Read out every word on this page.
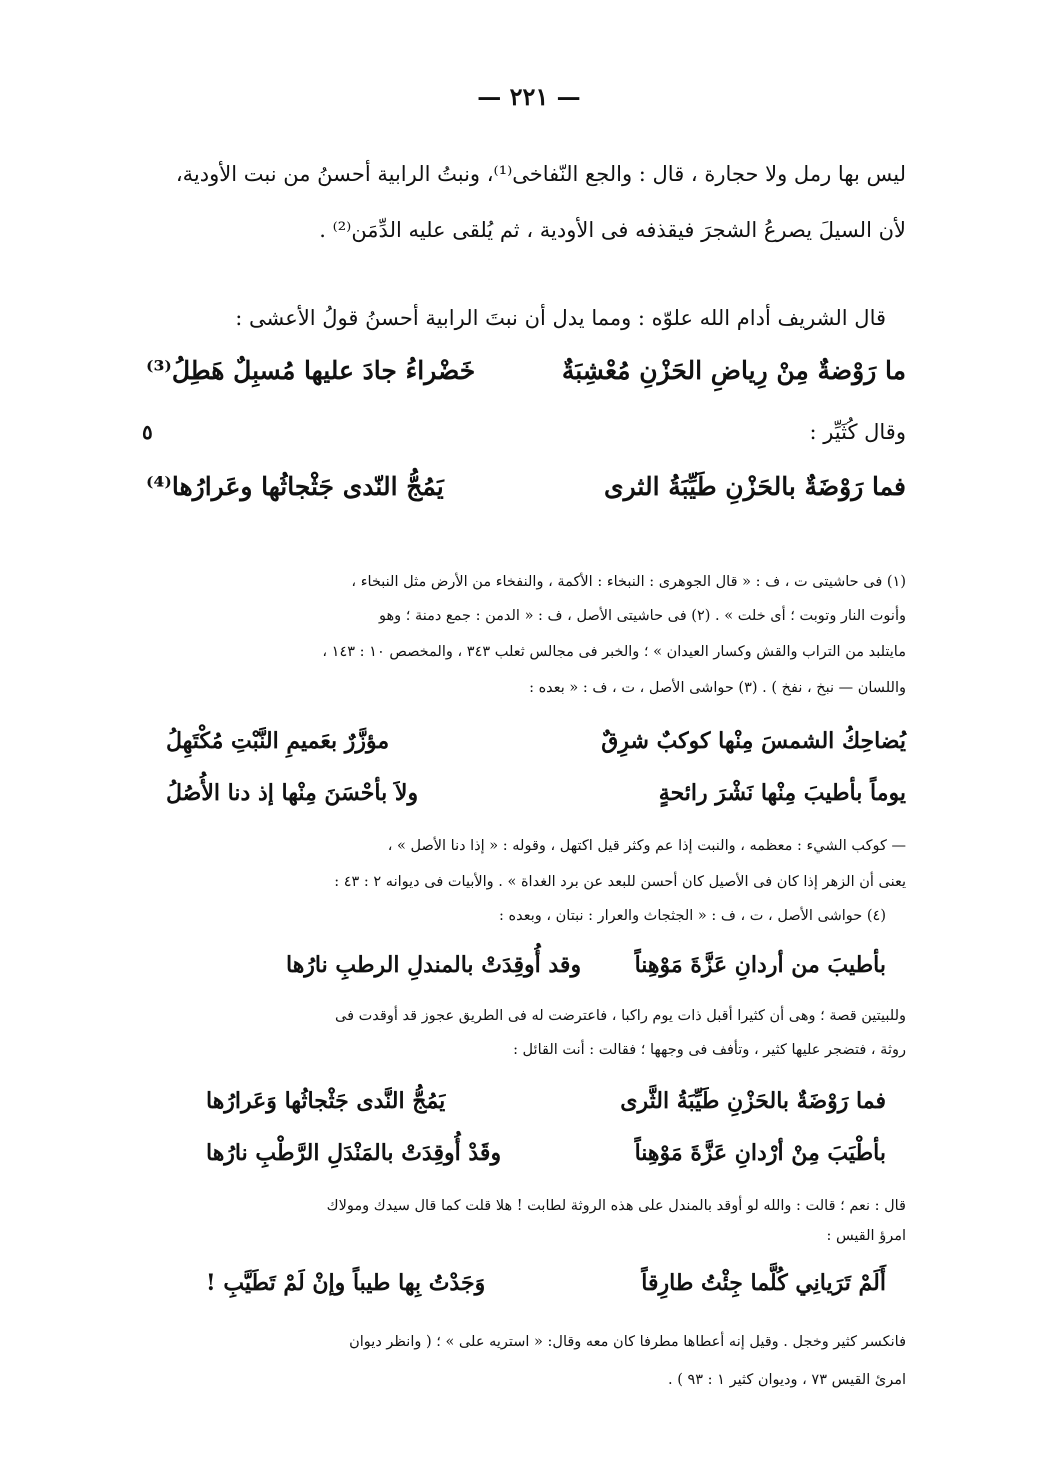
— ٢٢١ —
ليس بها رمل ولا حجارة ، قال : والجع النّفاخى⁽¹⁾، ونبتُ الرابية أحسنُ من نبت الأودية،
لأن السيلَ يصرعُ الشجرَ فيقذفه فى الأودية ، ثم يُلقى عليه الدِّمَن⁽²⁾ .
قال الشريف أدام الله علوّه : ومما يدل أن نبتَ الرابية أحسنُ قولُ الأعشى :
ما رَوْضةٌ مِنْ رِياضِ الحَزْنِ مُعْشِبَةٌ
خَضْراءُ جادَ عليها مُسبِلٌ هَطِلُ⁽³⁾
وقال كُثَيِّر :
٥
فما رَوْضَةٌ بالحَزْنِ طَيِّبَةُ الثرى
يَمُجُّ النّدى جَثْجاثُها وعَرارُها⁽⁴⁾
(١) فى حاشيتى ت ، ف : « قال الجوهرى : النبخاء : الأكمة ، والنفخاء من الأرض مثل النبخاء ،
وأنوت النار وتوبت ؛ أى خلت » . (٢) فى حاشيتى الأصل ، ف : « الدمن : جمع دمنة ؛ وهو
مايتلبد من التراب والقش وكسار العيدان » ؛ والخبر فى مجالس ثعلب ٣٤٣ ، والمخصص ١٠ : ١٤٣ ،
واللسان — نبخ ، نفخ ) . (٣) حواشى الأصل ، ت ، ف : « بعده :
يُضاحِكُ الشمسَ مِنْها كوكبٌ شرِقٌ
مؤزَّرٌ بعَميمِ النَّبْتِ مُكْتَهِلُ
يوماً بأطيبَ مِنْها نَشْرَ رائحةٍ
ولاَ بأحْسَنَ مِنْها إذ دنا الأُصُلُ
— كوكب الشيء : معظمه ، والنبت إذا عم وكثر قيل اكتهل ، وقوله : « إذا دنا الأصل » ،
يعنى أن الزهر إذا كان فى الأصيل كان أحسن للبعد عن برد الغداة » . والأبيات فى ديوانه ٢ : ٤٣ :
(٤) حواشى الأصل ، ت ، ف : « الجثجاث والعرار : نبتان ، وبعده :
بأطيبَ من أردانِ عَزَّةَ مَوْهِناً
وقد أُوقِدَتْ بالمندلِ الرطبِ نارُها
وللبيتين قصة ؛ وهى أن كثيرا أقبل ذات يوم راكبا ، فاعترضت له فى الطريق عجوز قد أوقدت فى
روثة ، فتضجر عليها كثير ، وتأفف فى وجهها ؛ فقالت : أنت القائل :
فما رَوْضَةٌ بالحَزْنِ طَيِّبَةُ الثَّرى
يَمُجُّ النَّدى جَثْجاثُها وَعَرارُها
بأطْيَبَ مِنْ أرْدانِ عَزَّةَ مَوْهِناً
وقَدْ أُوقِدَتْ بالمَنْدَلِ الرَّطْبِ نارُها
قال : نعم ؛ قالت : والله لو أوقد بالمندل على هذه الروثة لطابت ! هلا قلت كما قال سيدك ومولاك
امرؤ القيس :
أَلَمْ تَرَيانِي كُلَّما جِئْتُ طارِقاً
وَجَدْتُ بِها طيباً وإنْ لَمْ تَطَيَّبِ !
فانكسر كثير وخجل . وقيل إنه أعطاها مطرفا كان معه وقال: « استريه على » ؛ ( وانظر ديوان
امرئ القيس ٧٣ ، وديوان كثير ١ : ٩٣ ) .
